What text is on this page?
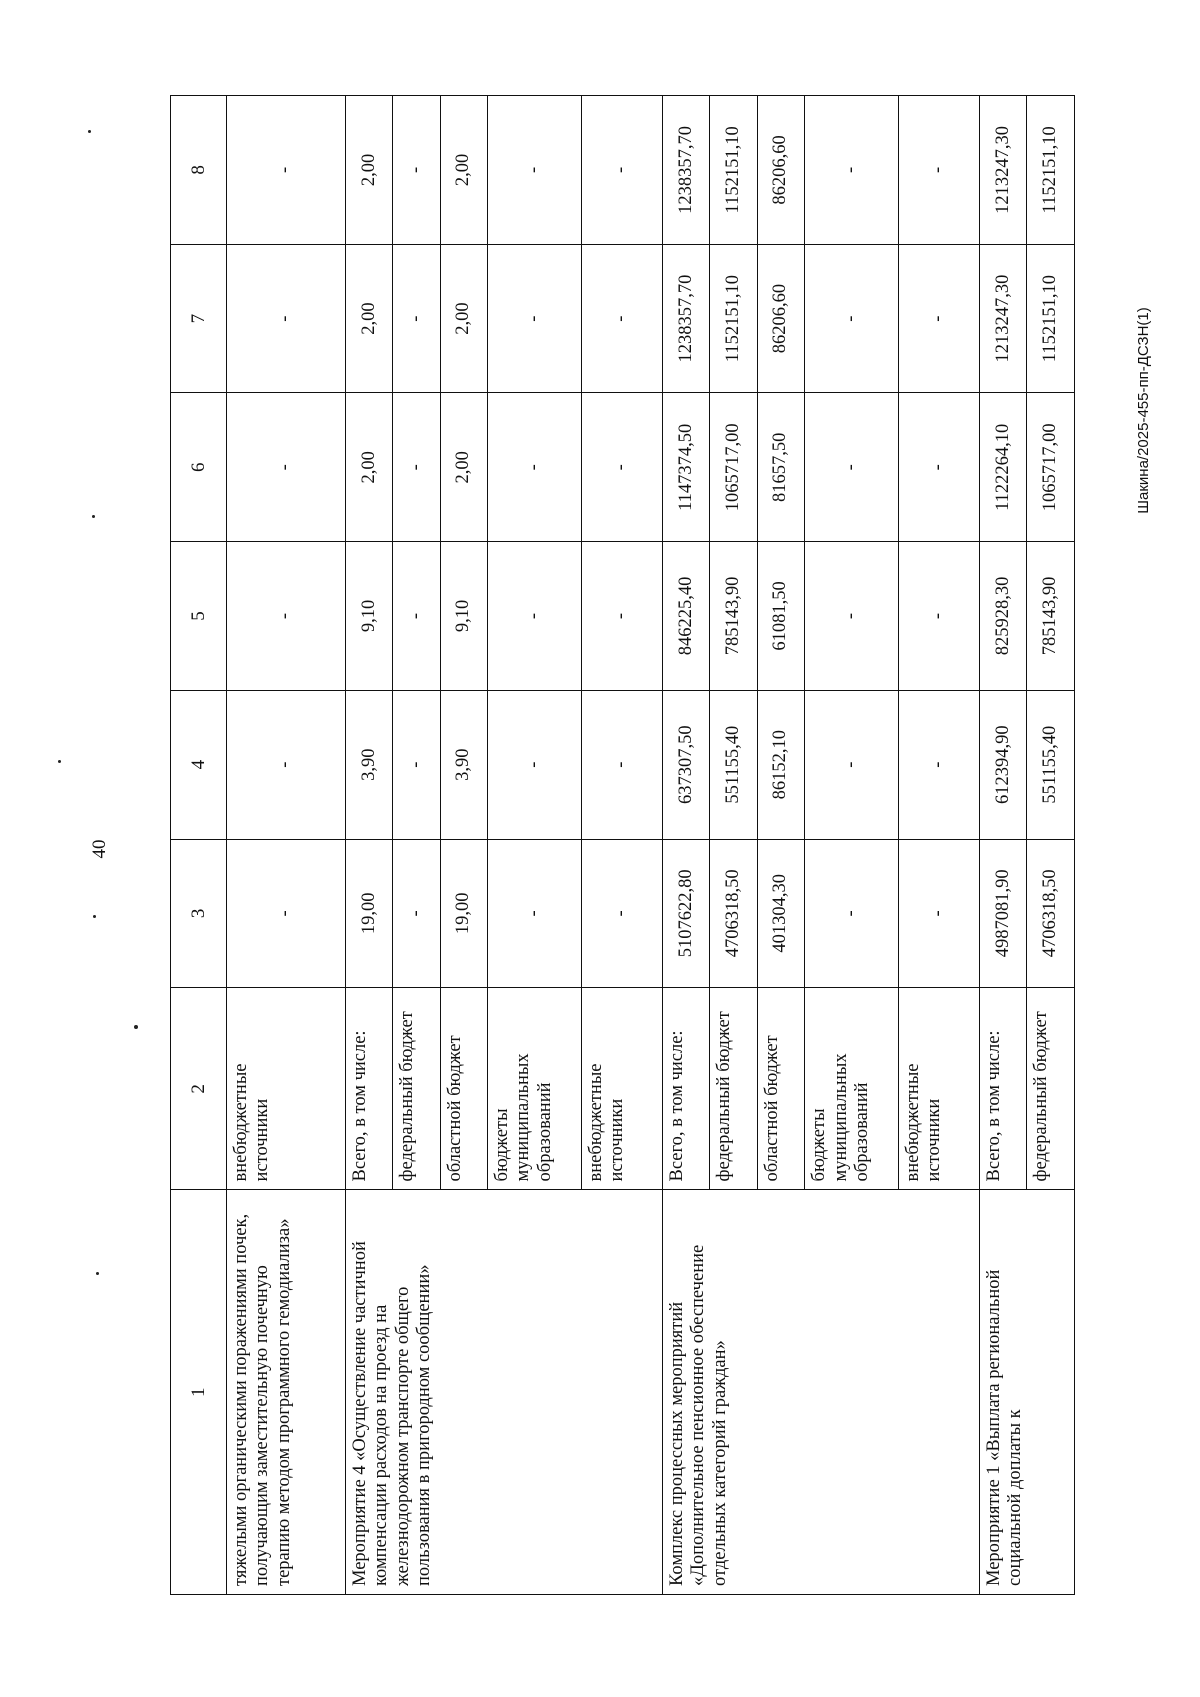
40
Шакина/2025-455-пп-ДСЗН(1)
1	2	3	4	5	6	7	8
тяжелыми органическими поражениями почек, получающим заместительную почечную терапию методом программного гемодиализа»	внебюджетные источники	-	-	-	-	-	-
Мероприятие 4 «Осуществление частичной компенсации расходов на проезд на железнодорожном транспорте общего пользования в пригородном сообщении»	Всего, в том числе:	19,00	3,90	9,10	2,00	2,00	2,00
	федеральный бюджет	-	-	-	-	-	-
	областной бюджет	19,00	3,90	9,10	2,00	2,00	2,00
	бюджеты муниципальных образований	-	-	-	-	-	-
	внебюджетные источники	-	-	-	-	-	-
Комплекс процессных мероприятий «Дополнительное пенсионное обеспечение отдельных категорий граждан»	Всего, в том числе:	5107622,80	637307,50	846225,40	1147374,50	1238357,70	1238357,70
	федеральный бюджет	4706318,50	551155,40	785143,90	1065717,00	1152151,10	1152151,10
	областной бюджет	401304,30	86152,10	61081,50	81657,50	86206,60	86206,60
	бюджеты муниципальных образований	-	-	-	-	-	-
	внебюджетные источники	-	-	-	-	-	-
Мероприятие 1 «Выплата региональной социальной доплаты к	Всего, в том числе:	4987081,90	612394,90	825928,30	1122264,10	1213247,30	1213247,30
	федеральный бюджет	4706318,50	551155,40	785143,90	1065717,00	1152151,10	1152151,10
